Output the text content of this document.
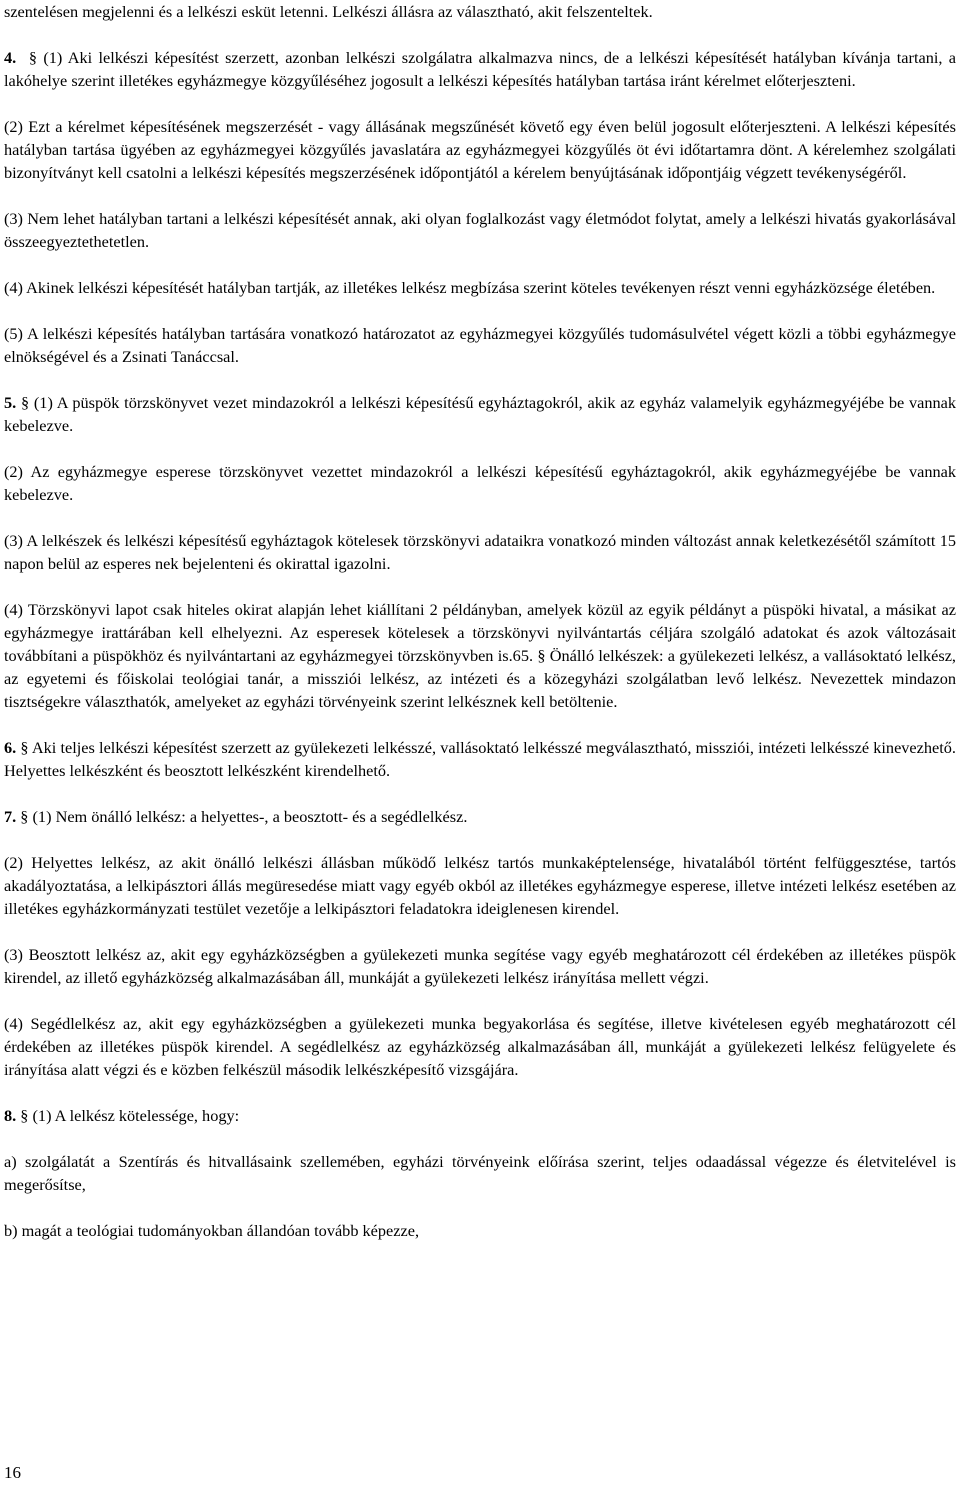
szentelésen megjelenni és a lelkészi esküt letenni. Lelkészi állásra az választható, akit felszenteltek.

4. § (1) Aki lelkészi képesítést szerzett, azonban lelkészi szolgálatra alkalmazva nincs, de a lelkészi képesítését hatályban kívánja tartani, a lakóhelye szerint illetékes egyházmegye közgyűléséhez jogosult a lelkészi képesítés hatályban tartása iránt kérelmet előterjeszteni.

(2) Ezt a kérelmet képesítésének megszerzését - vagy állásának megszűnését követő egy éven belül jogosult előterjeszteni. A lelkészi képesítés hatályban tartása ügyében az egyházmegyei közgyűlés javaslatára az egyházmegyei közgyűlés öt évi időtartamra dönt. A kérelemhez szolgálati bizonyítványt kell csatolni a lelkészi képesítés megszerzésének időpontjától a kérelem benyújtásának időpontjáig végzett tevékenységéről.

(3) Nem lehet hatályban tartani a lelkészi képesítését annak, aki olyan foglalkozást vagy életmódot folytat, amely a lelkészi hivatás gyakorlásával összeegyeztethetetlen.

(4) Akinek lelkészi képesítését hatályban tartják, az illetékes lelkész megbízása szerint köteles tevékenyen részt venni egyházközsége életében.

(5) A lelkészi képesítés hatályban tartására vonatkozó határozatot az egyházmegyei közgyűlés tudomásulvétel végett közli a többi egyházmegye elnökségével és a Zsinati Tanáccsal.

5. § (1) A püspök törzskönyvet vezet mindazokról a lelkészi képesítésű egyháztagokról, akik az egyház valamelyik egyházmegyéjébe be vannak kebelezve.

(2) Az egyházmegye esperese törzskönyvet vezettet mindazokról a lelkészi képesítésű egyháztagokról, akik egyházmegyéjébe be vannak kebelezve.

(3) A lelkészek és lelkészi képesítésű egyháztagok kötelesek törzskönyvi adataikra vonatkozó minden változást annak keletkezésétől számított 15 napon belül az esperes nek bejelenteni és okirattal igazolni.

(4) Törzskönyvi lapot csak hiteles okirat alapján lehet kiállítani 2 példányban, amelyek közül az egyik példányt a püspöki hivatal, a másikat az egyházmegye irattárában kell elhelyezni. Az esperesek kötelesek a törzskönyvi nyilvántartás céljára szolgáló adatokat és azok változásait továbbítani a püspökhöz és nyilvántartani az egyházmegyei törzskönyvben is.65. § Önálló lelkészek: a gyülekezeti lelkész, a vallásoktató lelkész, az egyetemi és főiskolai teológiai tanár, a missziói lelkész, az intézeti és a közegyházi szolgálatban levő lelkész. Nevezettek mindazon tisztségekre választhatók, amelyeket az egyházi törvényeink szerint lelkésznek kell betöltenie.

6. § Aki teljes lelkészi képesítést szerzett az gyülekezeti lelkésszé, vallásoktató lelkésszé megválasztható, missziói, intézeti lelkésszé kinevezhető. Helyettes lelkészként és beosztott lelkészként kirendelhető.

7. § (1) Nem önálló lelkész: a helyettes-, a beosztott- és a segédlelkész.

(2) Helyettes lelkész, az akit önálló lelkészi állásban működő lelkész tartós munkaképtelensége, hivatalából történt felfüggesztése, tartós akadályoztatása, a lelkipásztori állás megüresedése miatt vagy egyéb okból az illetékes egyházmegye esperese, illetve intézeti lelkész esetében az illetékes egyházkormányzati testület vezetője a lelkipásztori feladatokra ideiglenesen kirendel.

(3) Beosztott lelkész az, akit egy egyházközségben a gyülekezeti munka segítése vagy egyéb meghatározott cél érdekében az illetékes püspök kirendel, az illető egyházközség alkalmazásában áll, munkáját a gyülekezeti lelkész irányítása mellett végzi.

(4) Segédlelkész az, akit egy egyházközségben a gyülekezeti munka begyakorlása és segítése, illetve kivételesen egyéb meghatározott cél érdekében az illetékes püspök kirendel. A segédlelkész az egyházközség alkalmazásában áll, munkáját a gyülekezeti lelkész felügyelete és irányítása alatt végzi és e közben felkészül második lelkészképesítő vizsgájára.

8. § (1) A lelkész kötelessége, hogy:

a) szolgálatát a Szentírás és hitvallásaink szellemében, egyházi törvényeink előírása szerint, teljes odaadással végezze és életvitelével is megerősítse,

b) magát a teológiai tudományokban állandóan tovább képezze,

16
